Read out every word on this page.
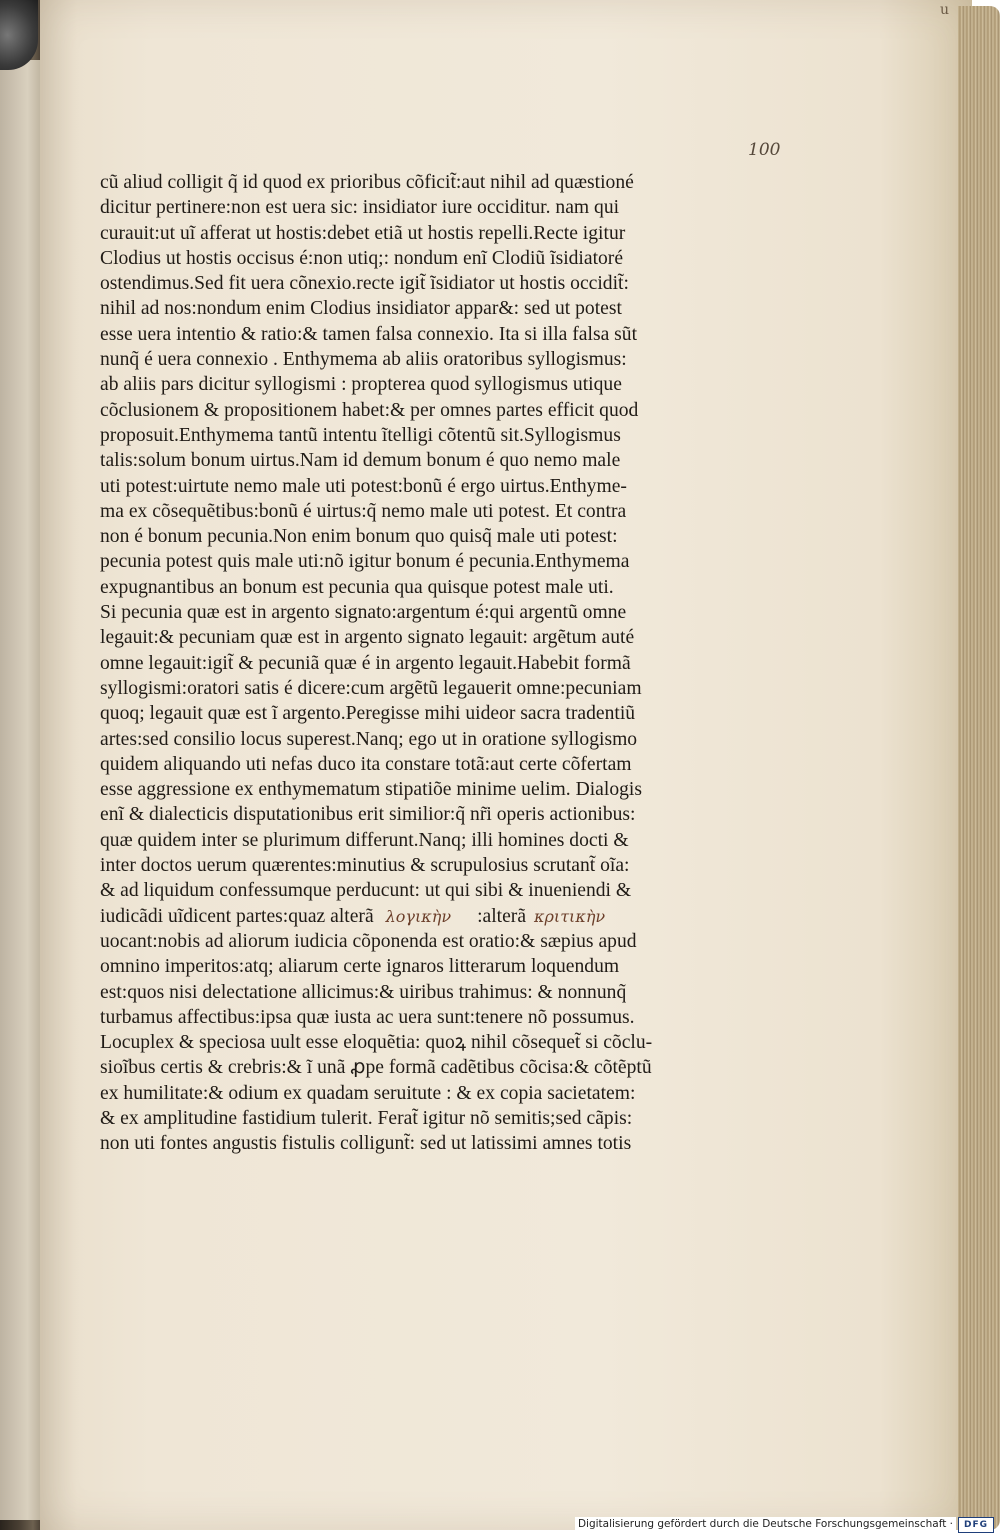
u
100
cũ aliud colligit q̃ id quod ex prioribus cõficit̃:aut nihil ad quæstioné
dicitur pertinere:non est uera sic: insidiator iure occiditur. nam qui
curauit:ut uĩ afferat ut hostis:debet etiã ut hostis repelli.Recte igitur
Clodius ut hostis occisus é:non utiq;: nondum enĩ Clodiũ ĩsidiatoré
ostendimus.Sed fit uera cõnexio.recte igit̃ ĩsidiator ut hostis occidit̃:
nihil ad nos:nondum enim Clodius insidiator appar&: sed ut potest
esse uera intentio & ratio:& tamen falsa connexio. Ita si illa falsa sũt
nunq̃ é uera connexio . Enthymema ab aliis oratoribus syllogismus:
ab aliis pars dicitur syllogismi : propterea quod syllogismus utique
cõclusionem & propositionem habet:& per omnes partes efficit quod
proposuit.Enthymema tantũ intentu ĩtelligi cõtentũ sit.Syllogismus
talis:solum bonum uirtus.Nam id demum bonum é quo nemo male
uti potest:uirtute nemo male uti potest:bonũ é ergo uirtus.Enthyme-
ma ex cõsequẽtibus:bonũ é uirtus:q̃ nemo male uti potest. Et contra
non é bonum pecunia.Non enim bonum quo quisq̃ male uti potest:
pecunia potest quis male uti:nõ igitur bonum é pecunia.Enthymema
expugnantibus an bonum est pecunia qua quisque potest male uti.
Si pecunia quæ est in argento signato:argentum é:qui argentũ omne
legauit:& pecuniam quæ est in argento signato legauit: argẽtum auté
omne legauit:igit̃ & pecuniã quæ é in argento legauit.Habebit formã
syllogismi:oratori satis é dicere:cum argẽtũ legauerit omne:pecuniam
quoq; legauit quæ est ĩ argento.Peregisse mihi uideor sacra tradentiũ
artes:sed consilio locus superest.Nanq; ego ut in oratione syllogismo
quidem aliquando uti nefas duco ita constare totã:aut certe cõfertam
esse aggressione ex enthymematum stipatiõe minime uelim. Dialogis
enĩ & dialecticis disputationibus erit similior:q̃ nr̃i operis actionibus:
quæ quidem inter se plurimum differunt.Nanq; illi homines docti &
inter doctos uerum quærentes:minutius & scrupulosius scrutant̃ oĩa:
& ad liquidum confessumque perducunt: ut qui sibi & inueniendi &
iudicãdi uĩdicent partes:quaz alterã λογικὴν :alterã κριτικὴν
uocant:nobis ad aliorum iudicia cõponenda est oratio:& sæpius apud
omnino imperitos:atq; aliarum certe ignaros litterarum loquendum
est:quos nisi delectatione allicimus:& uiribus trahimus: & nonnunq̃
turbamus affectibus:ipsa quæ iusta ac uera sunt:tenere nõ possumus.
Locuplex & speciosa uult esse eloquẽtia: quoꝝ nihil cõsequet̃ si cõclu-
sioĩbus certis & crebris:& ĩ unã ꝓpe formã cadẽtibus cõcisa:& cõtẽptũ
ex humilitate:& odium ex quadam seruitute : & ex copia sacietatem:
& ex amplitudine fastidium tulerit. Ferat̃ igitur nõ semitis;sed cãpis:
non uti fontes angustis fistulis colligunt̃: sed ut latissimi amnes totis
Digitalisierung gefördert durch die Deutsche Forschungsgemeinschaft ·	DFG
